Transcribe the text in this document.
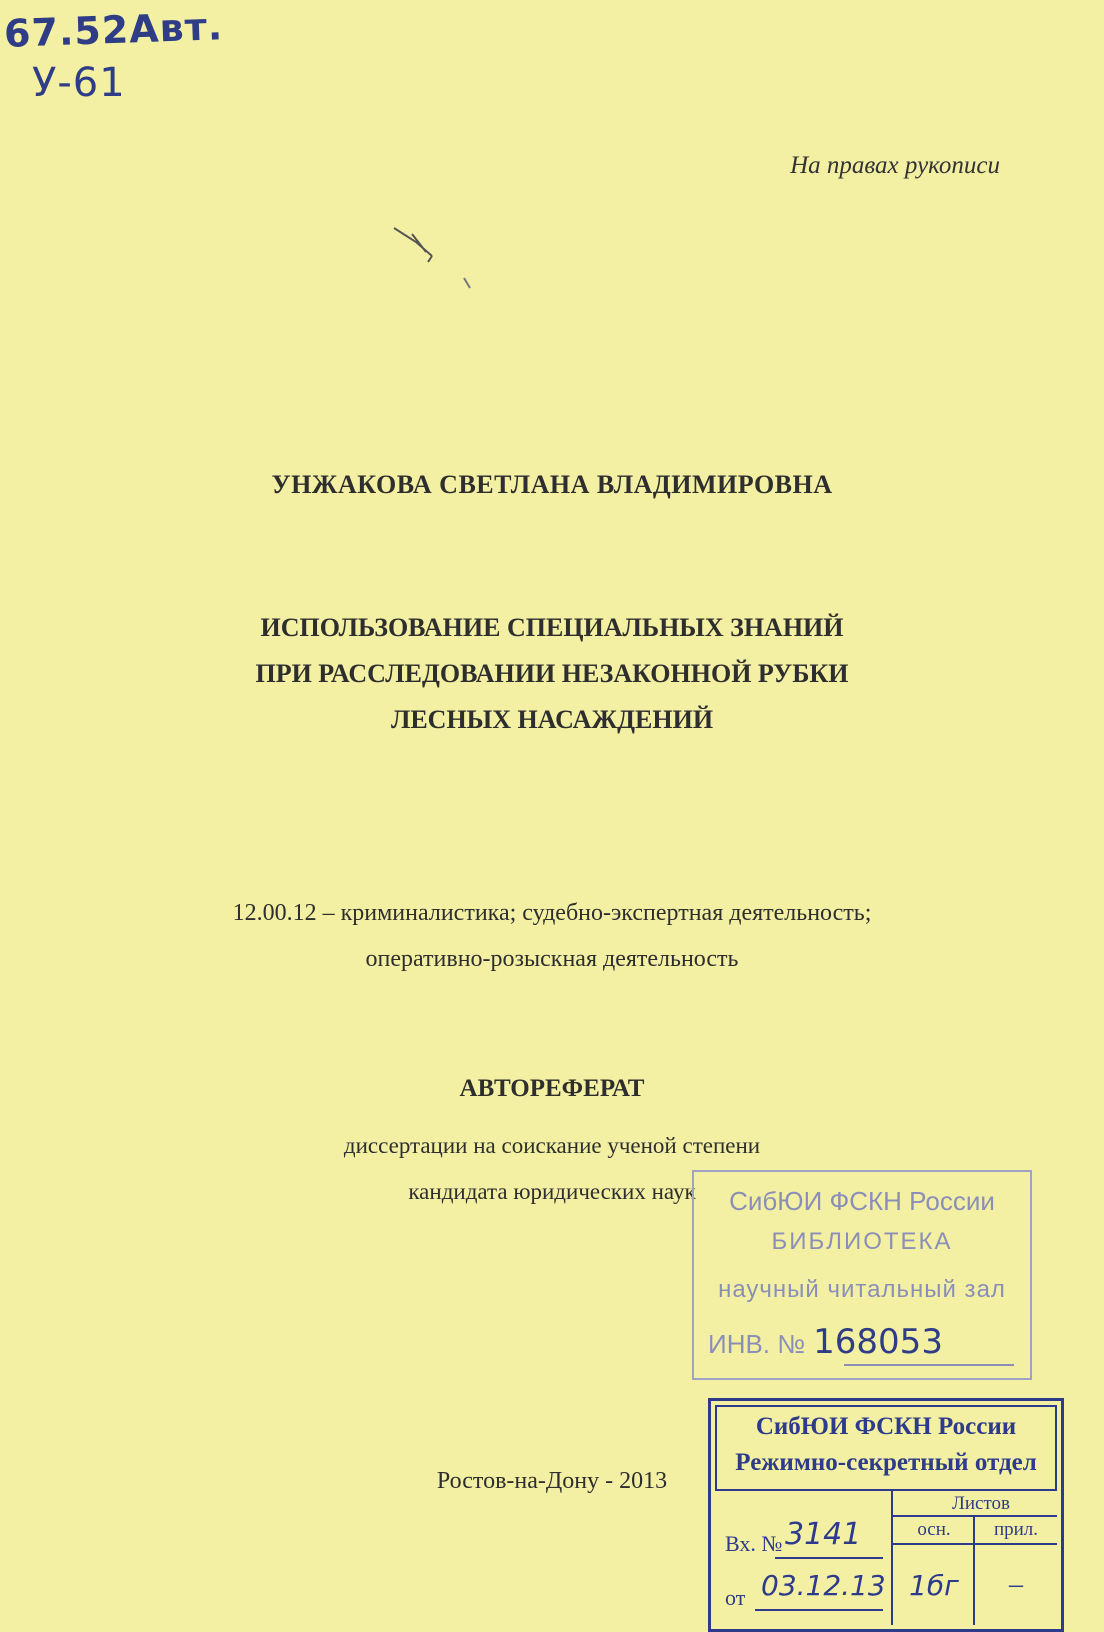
67.52Авт.
У-61
На правах рукописи
УНЖАКОВА СВЕТЛАНА ВЛАДИМИРОВНА
ИСПОЛЬЗОВАНИЕ СПЕЦИАЛЬНЫХ ЗНАНИЙ
ПРИ РАССЛЕДОВАНИИ НЕЗАКОННОЙ РУБКИ
ЛЕСНЫХ НАСАЖДЕНИЙ
12.00.12 – криминалистика; судебно-экспертная деятельность;
оперативно-розыскная деятельность
АВТОРЕФЕРАТ
диссертации на соискание ученой степени
кандидата юридических наук
Ростов-на-Дону - 2013
СибЮИ ФСКН России
БИБЛИОТЕКА
научный читальный зал
ИНВ. № 168053
СибЮИ ФСКН России
Режимно-секретный отдел
Листов
осн.	прил.
Вх. № 3141
от 03.12.13 1бг	–
